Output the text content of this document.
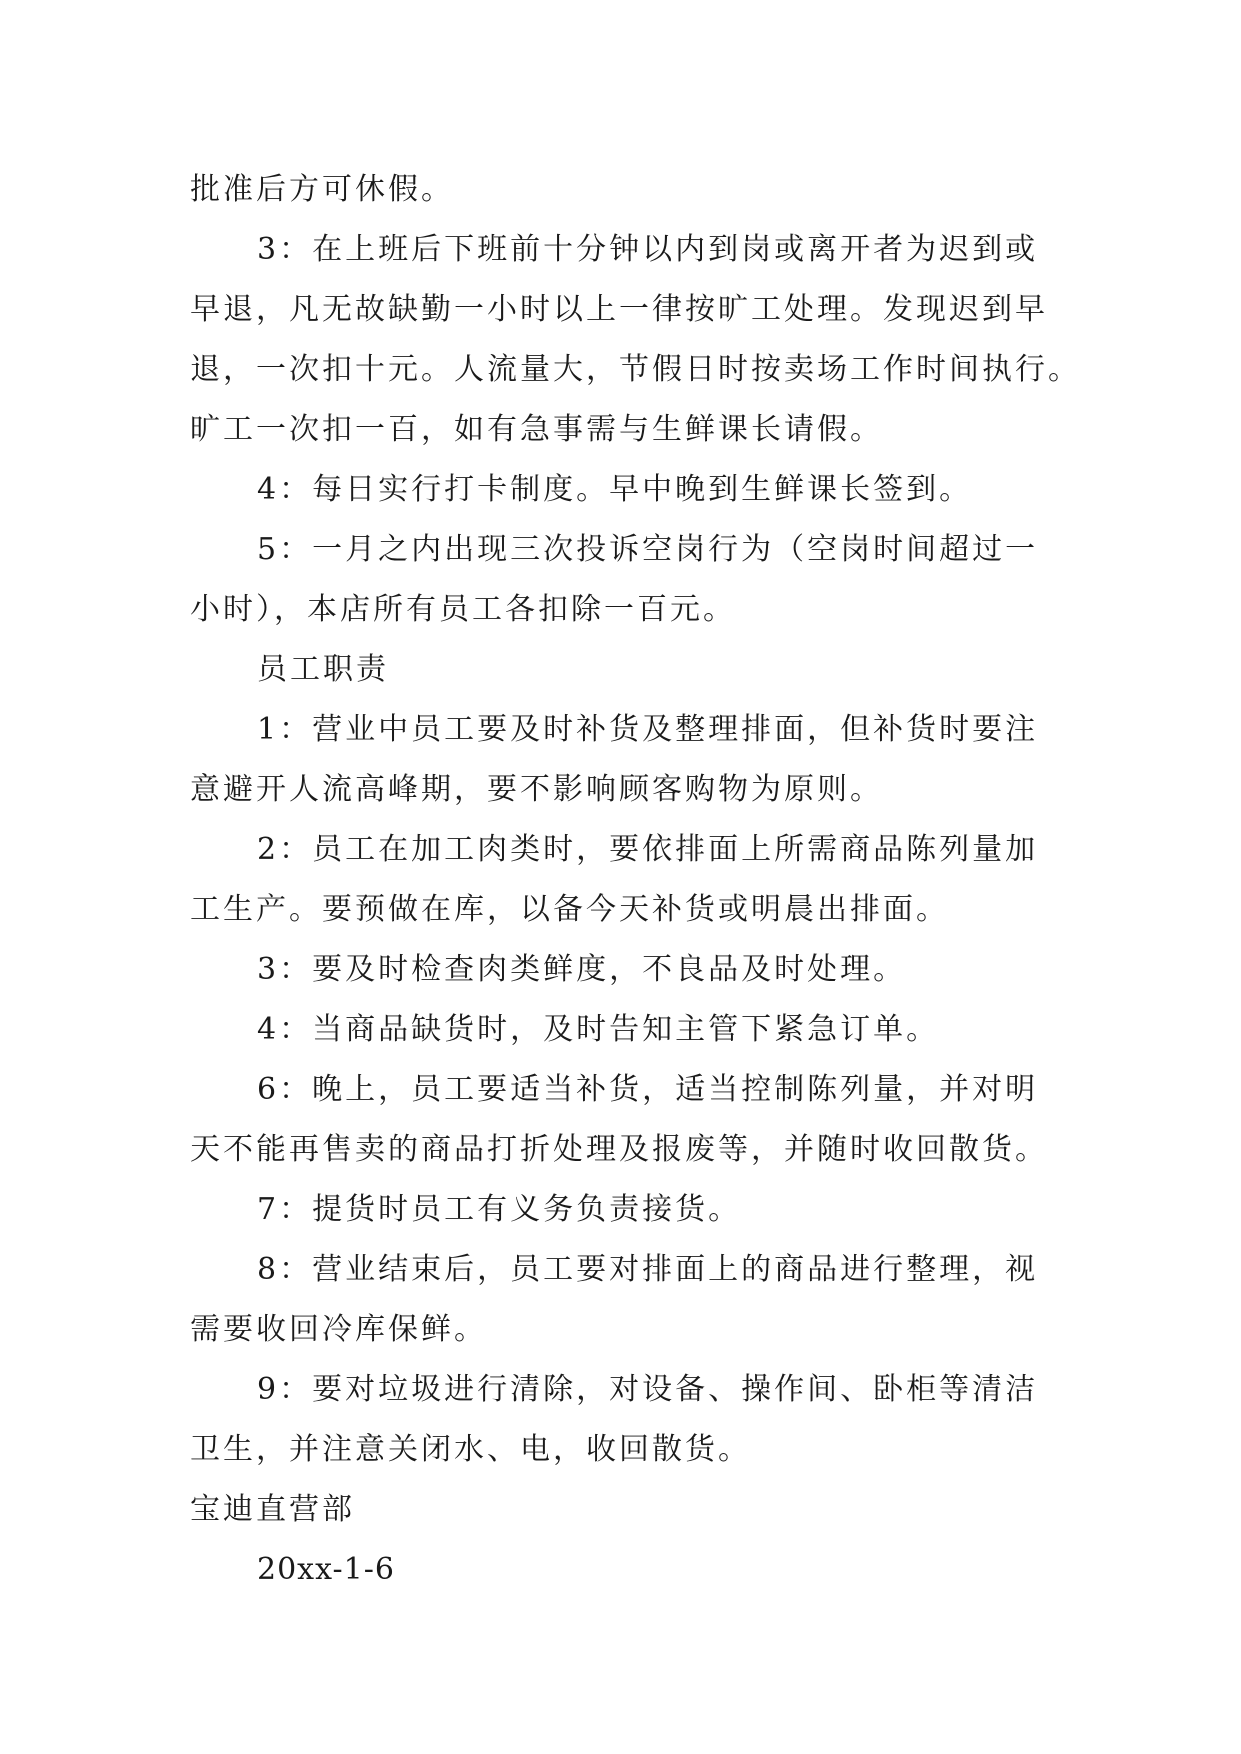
批准后方可休假。

3：在上班后下班前十分钟以内到岗或离开者为迟到或

早退，凡无故缺勤一小时以上一律按旷工处理。发现迟到早

退，一次扣十元。人流量大，节假日时按卖场工作时间执行。

旷工一次扣一百，如有急事需与生鲜课长请假。

4：每日实行打卡制度。早中晚到生鲜课长签到。

5：一月之内出现三次投诉空岗行为（空岗时间超过一

小时），本店所有员工各扣除一百元。

员工职责

1：营业中员工要及时补货及整理排面，但补货时要注

意避开人流高峰期，要不影响顾客购物为原则。

2：员工在加工肉类时，要依排面上所需商品陈列量加

工生产。要预做在库，以备今天补货或明晨出排面。

3：要及时检查肉类鲜度，不良品及时处理。

4：当商品缺货时，及时告知主管下紧急订单。

6：晚上，员工要适当补货，适当控制陈列量，并对明

天不能再售卖的商品打折处理及报废等，并随时收回散货。

7：提货时员工有义务负责接货。

8：营业结束后，员工要对排面上的商品进行整理，视

需要收回冷库保鲜。

9：要对垃圾进行清除，对设备、操作间、卧柜等清洁

卫生，并注意关闭水、电，收回散货。

宝迪直营部

20xx-1-6
